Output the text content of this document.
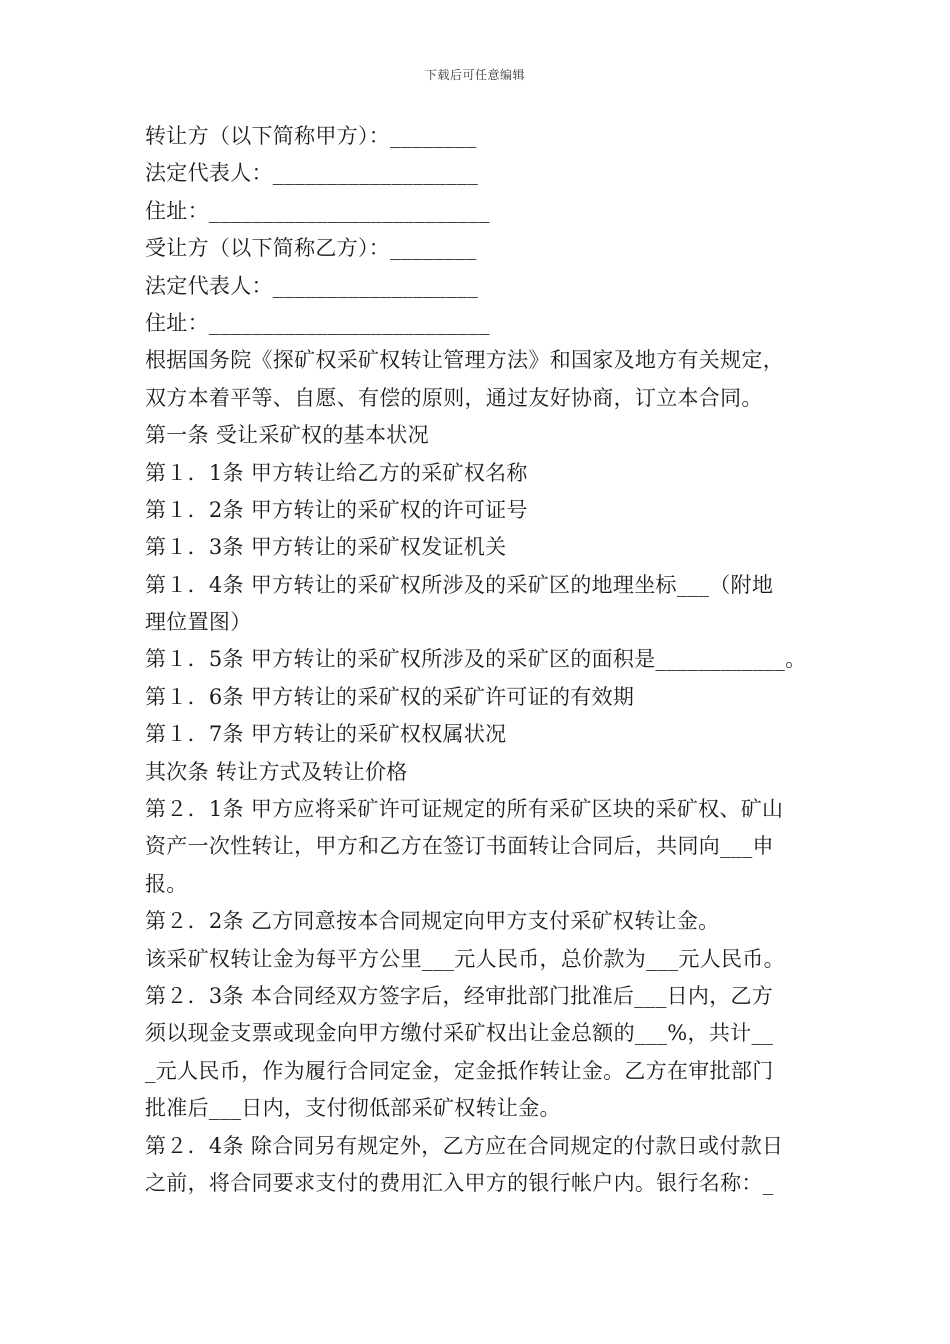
下载后可任意编辑
转让方（以下简称甲方）：________
法定代表人：___________________
住址：__________________________
受让方（以下简称乙方）：________
法定代表人：___________________
住址：__________________________
根据国务院《探矿权采矿权转让管理方法》和国家及地方有关规定，
双方本着平等、自愿、有偿的原则，通过友好协商，订立本合同。
第一条 受让采矿权的基本状况
第１．1条 甲方转让给乙方的采矿权名称
第１．2条 甲方转让的采矿权的许可证号
第１．3条 甲方转让的采矿权发证机关
第１．4条 甲方转让的采矿权所涉及的采矿区的地理坐标___（附地
理位置图）
第１．5条 甲方转让的采矿权所涉及的采矿区的面积是____________。
第１．6条 甲方转让的采矿权的采矿许可证的有效期
第１．7条 甲方转让的采矿权权属状况
其次条 转让方式及转让价格
第２．1条 甲方应将采矿许可证规定的所有采矿区块的采矿权、矿山
资产一次性转让，甲方和乙方在签订书面转让合同后，共同向___申
报。
第２．2条 乙方同意按本合同规定向甲方支付采矿权转让金。
该采矿权转让金为每平方公里___元人民币，总价款为___元人民币。
第２．3条 本合同经双方签字后，经审批部门批准后___日内，乙方
须以现金支票或现金向甲方缴付采矿权出让金总额的___%，共计__
_元人民币，作为履行合同定金，定金抵作转让金。乙方在审批部门
批准后___日内，支付彻低部采矿权转让金。
第２．4条 除合同另有规定外，乙方应在合同规定的付款日或付款日
之前，将合同要求支付的费用汇入甲方的银行帐户内。银行名称：_
